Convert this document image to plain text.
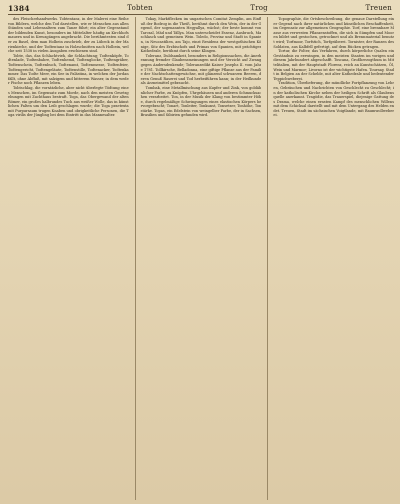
1384	Tobten	Trog	Treuen

des Fleischerhandwerks. Tobtentanz, in der Malerei eine Reihe von Bildern, welche den Tod darstellen, wie er Menschen aus allen Ständen und Lebensaltern zum Tanze führt; ein alter Gegenstand der bildenden Kunst, besonders im Mittelalter häufig an Kirchhofsmauern und in Kreuzgängen angebracht. Die berühmtesten sind der zu Basel, dem man Holbein zuschrieb, der zu Lübeck in der Marienkirche, und der Todtentanz in Holzschnitten nach Holbein, welche seit 1538 in vielen Ausgaben erschienen sind.

Tobte, das, das Schlachtvieh, die Schlachtung; Todtenköpfe, Todtenlade, Todtenbahre, Todtenhemd, Todtenglocke, Todtengräber, Todtenschein, Todtenbuch, Todtenamt, Todtenmesse, Todtenfeier, Todtengericht, Todtengeläute, Todtenstille, Todtenacker, Todtenkammer. Das Todte Meer, ein See in Palästina, in welchen der Jordan fällt, ohne Abfluß, mit salzigem und bitterem Wasser, in dem weder Fische noch Pflanzen leben.

Tobtschlag, die vorsätzliche, aber nicht überlegte Tödtung eines Menschen, im Gegensatz zum Morde, nach den meisten Gesetzgebungen mit Zuchthaus bestraft. Toga, das Obergewand der alten Römer, ein großes halbrundes Tuch aus weißer Wolle, das in künstlichen Falten um den Leib geschlagen wurde; die Toga praetexta mit Purpursaum trugen Knaben und obrigkeitliche Personen, die Toga virilis der Jüngling bei dem Eintritt in das Mannesalter.

Tokay, Marktflecken im ungarischen Comitat Zemplin, am Einfluß der Bodrog in die Theiß, berühmt durch den Wein, der in der Gegend, der sogenannten Hegyallya, wächst; der beste kommt von Tarczal, Mád und Tállya. Man unterscheidet Essenz, Ausbruch, Maschlasch und gemeinen Wein. Toledo, Provinz und Stadt in Spanien, in Neucastilien, am Tajo, einst Residenz der westgothischen Könige, Sitz des Erzbischofs und Primas von Spanien, mit prächtiger Kathedrale, berühmt durch seine Klingen.

Toleranz, Duldsamkeit, besonders in Religionssachen, die Anerkennung fremder Glaubensmeinungen und der Verzicht auf Zwang gegen Andersdenkende; Toleranzedikt Kaiser Josephs II. vom Jahre 1781. Tollkirsche, Belladonna, eine giftige Pflanze aus der Familie der Nachtschattengewächse, mit glänzend schwarzen Beeren, deren Genuß Raserei und Tod herbeiführen kann; in der Heilkunde als Arzneimittel gebraucht.

Tombak, eine Metallmischung aus Kupfer und Zink, von goldähnlicher Farbe, zu Knöpfen, Uhrgehäusen und anderen Schmucksachen verarbeitet. Ton, in der Musik der Klang von bestimmter Höhe, durch regelmäßige Schwingungen eines elastischen Körpers hervorgebracht; Tonart, Tonleiter, Tonkunst, Tonsetzer, Tonhöhe, Tonstärke. Topas, ein Edelstein von weingelber Farbe, der in Sachsen, Brasilien und Sibirien gefunden wird.

Topographie, die Ortsbeschreibung, die genaue Darstellung einer Gegend nach ihrer natürlichen und künstlichen Beschaffenheit, im Gegensatz zur allgemeinen Geographie. Torf, eine brennbare Masse aus verwesten Pflanzenstoffen, die sich in Sümpfen und Mooren bildet und gestochen, getrocknet und als Brennmaterial benutzt wird; Torfmoor, Torfstich, Torfgräberei. Tornister, der Ranzen des Soldaten, aus Kalbfell gefertigt, auf dem Rücken getragen.

Tortur, die Folter, das Verfahren, durch körperliche Qualen ein Geständnis zu erzwingen, in den meisten Staaten im vorigen und diesem Jahrhundert abgeschafft. Toscana, Großherzogthum in Mittelitalien, mit der Hauptstadt Florenz, reich an Kunstschätzen, Öl, Wein und Marmor; Livorno ist der wichtigste Hafen. Tournay, Stadt in Belgien an der Schelde, mit alter Kathedrale und bedeutender Teppichweberei.

Tradition, Überlieferung, die mündliche Fortpflanzung von Lehren, Gebräuchen und Nachrichten von Geschlecht zu Geschlecht; in der katholischen Kirche neben der heiligen Schrift als Glaubensquelle anerkannt. Tragödie, das Trauerspiel, diejenige Gattung des Drama, welche einen ernsten Kampf des menschlichen Willens mit dem Schicksal darstellt und mit dem Untergang des Helden endet. Treuen, Stadt im sächsischen Voigtlande, mit Baumwollweberei.
